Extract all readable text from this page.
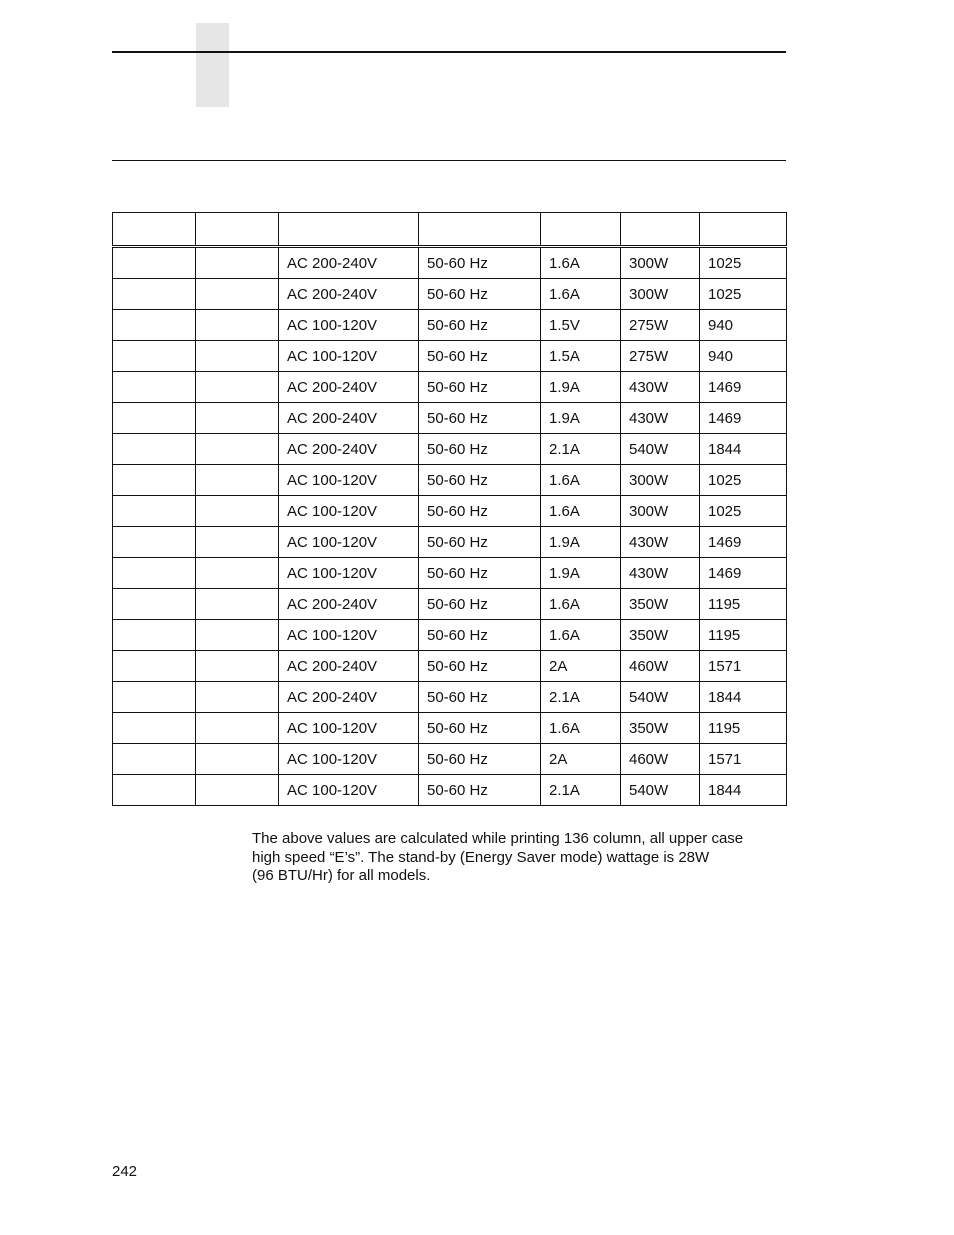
		AC 200-240V	50-60 Hz	1.6A	300W	1025
		AC 200-240V	50-60 Hz	1.6A	300W	1025
		AC 100-120V	50-60 Hz	1.5V	275W	940
		AC 100-120V	50-60 Hz	1.5A	275W	940
		AC 200-240V	50-60 Hz	1.9A	430W	1469
		AC 200-240V	50-60 Hz	1.9A	430W	1469
		AC 200-240V	50-60 Hz	2.1A	540W	1844
		AC 100-120V	50-60 Hz	1.6A	300W	1025
		AC 100-120V	50-60 Hz	1.6A	300W	1025
		AC 100-120V	50-60 Hz	1.9A	430W	1469
		AC 100-120V	50-60 Hz	1.9A	430W	1469
		AC 200-240V	50-60 Hz	1.6A	350W	1195
		AC 100-120V	50-60 Hz	1.6A	350W	1195
		AC 200-240V	50-60 Hz	2A	460W	1571
		AC 200-240V	50-60 Hz	2.1A	540W	1844
		AC 100-120V	50-60 Hz	1.6A	350W	1195
		AC 100-120V	50-60 Hz	2A	460W	1571
		AC 100-120V	50-60 Hz	2.1A	540W	1844

The above values are calculated while printing 136 column, all upper case

high speed “E’s”. The stand-by (Energy Saver mode) wattage is 28W

(96 BTU/Hr) for all models.

242
